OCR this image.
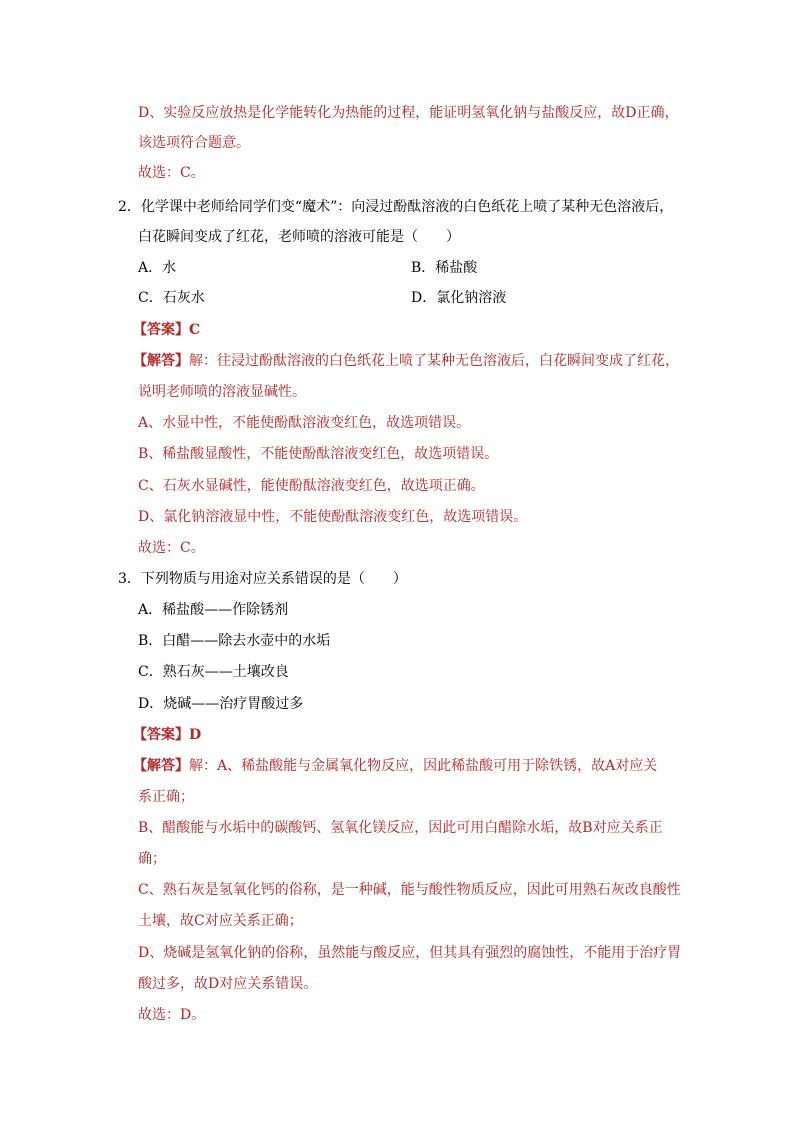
D、实验反应放热是化学能转化为热能的过程，能证明氢氧化钠与盐酸反应，故D正确，
该选项符合题意。
故选：C。
2．化学课中老师给同学们变“魔术”：向浸过酚酞溶液的白色纸花上喷了某种无色溶液后，
白花瞬间变成了红花，老师喷的溶液可能是（　　）
A．水	B．稀盐酸
C．石灰水	D．氯化钠溶液
【答案】C
【解答】解：往浸过酚酞溶液的白色纸花上喷了某种无色溶液后，白花瞬间变成了红花，
说明老师喷的溶液显碱性。
A、水显中性，不能使酚酞溶液变红色，故选项错误。
B、稀盐酸显酸性，不能使酚酞溶液变红色，故选项错误。
C、石灰水显碱性，能使酚酞溶液变红色，故选项正确。
D、氯化钠溶液显中性，不能使酚酞溶液变红色，故选项错误。
故选：C。
3．下列物质与用途对应关系错误的是（　　）
A．稀盐酸——作除锈剂
B．白醋——除去水壶中的水垢
C．熟石灰——土壤改良
D．烧碱——治疗胃酸过多
【答案】D
【解答】解：A、稀盐酸能与金属氧化物反应，因此稀盐酸可用于除铁锈，故A对应关
系正确；
B、醋酸能与水垢中的碳酸钙、氢氧化镁反应，因此可用白醋除水垢，故B对应关系正
确；
C、熟石灰是氢氧化钙的俗称，是一种碱，能与酸性物质反应，因此可用熟石灰改良酸性
土壤，故C对应关系正确；
D、烧碱是氢氧化钠的俗称，虽然能与酸反应，但其具有强烈的腐蚀性，不能用于治疗胃
酸过多，故D对应关系错误。
故选：D。
